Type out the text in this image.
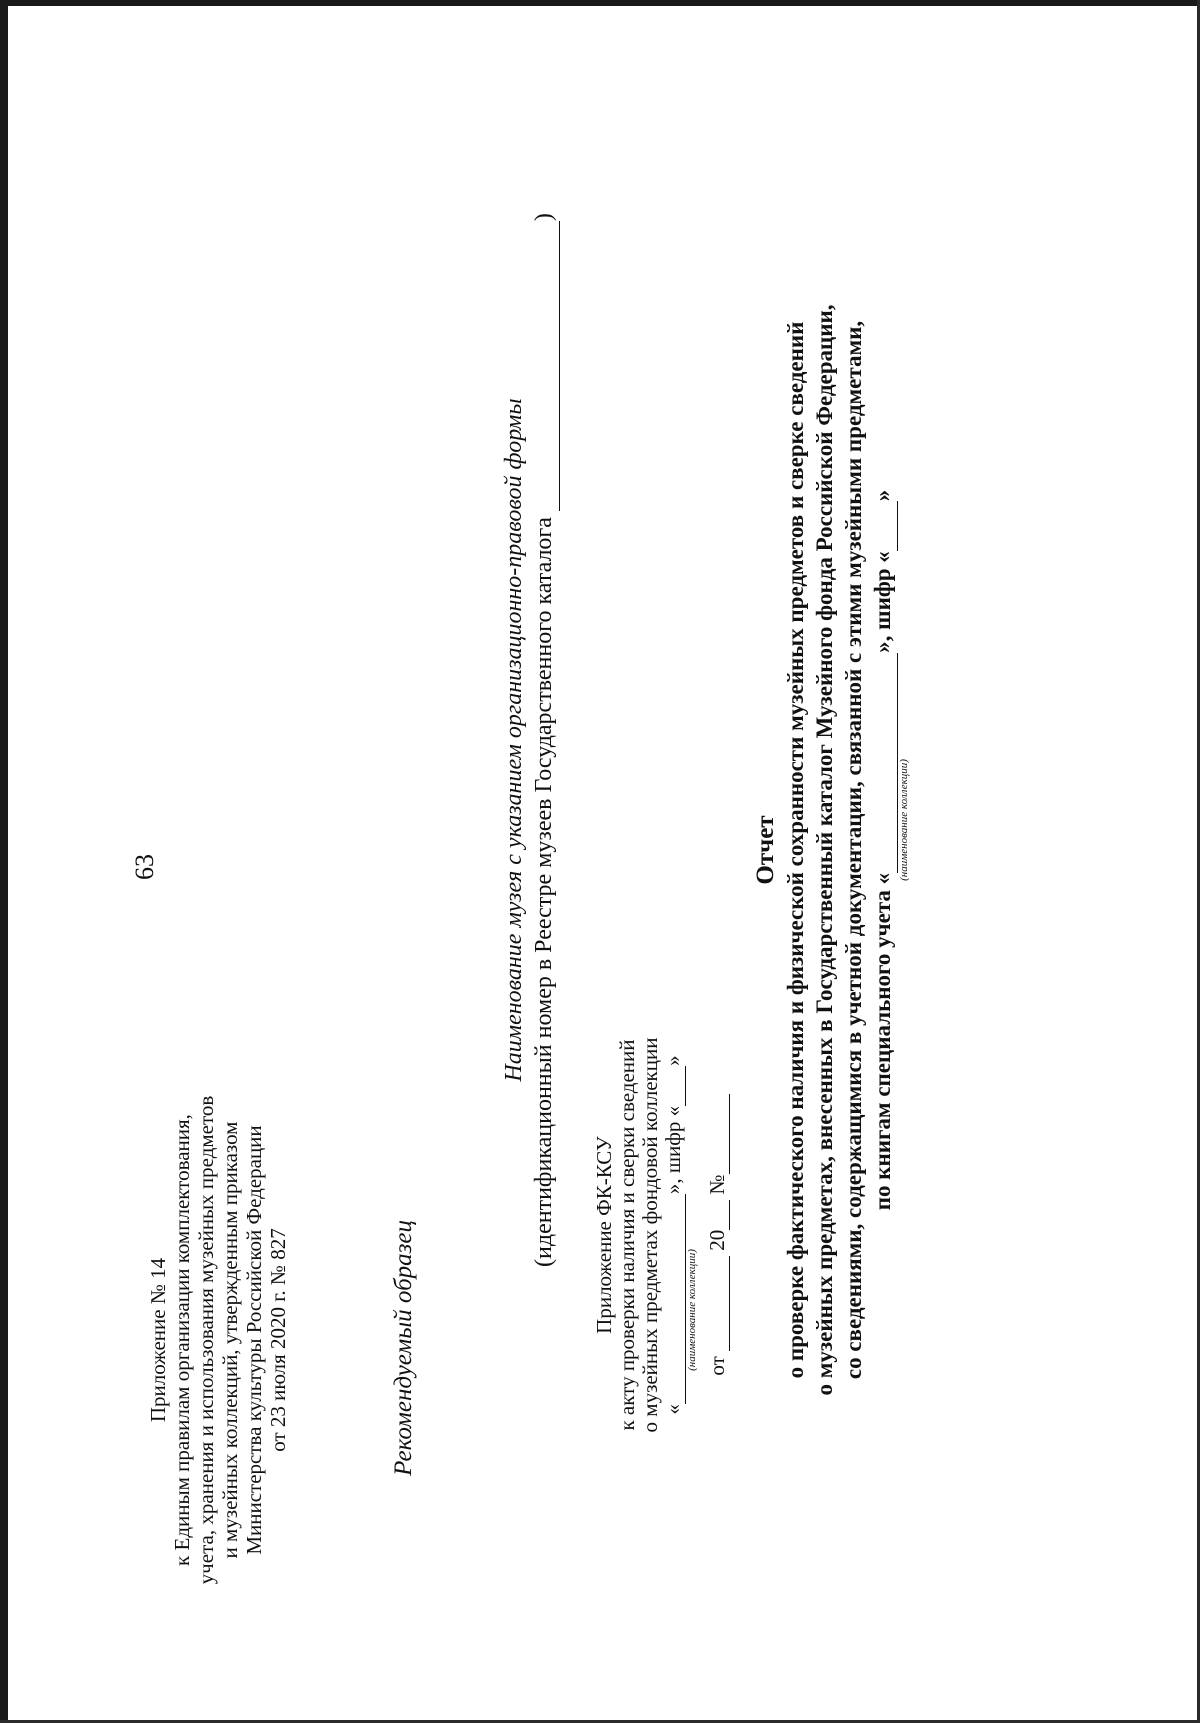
63
Приложение № 14 к Единым правилам организации комплектования, учета, хранения и использования музейных предметов и музейных коллекций, утвержденным приказом Министерства культуры Российской Федерации от 23 июля 2020 г. № 827	Рекомендуемый образец
Наименование музея с указанием организационно-правовой формы (идентификационный номер в Реестре музеев Государственного каталога  )
Приложение ФК-КСУ к акту проверки наличия и сверки сведений о музейных предметах фондовой коллекции « », шифр « »
(наименование коллекции) от   20  №
Отчет о проверке фактического наличия и физической сохранности музейных предметов и сверке сведений о музейных предметах, внесенных в Государственный каталог Музейного фонда Российской Федерации, со сведениями, содержащимися в учетной документации, связанной с этими музейными предметами, по книгам специального учета « », шифр « »
(наименование коллекции)
